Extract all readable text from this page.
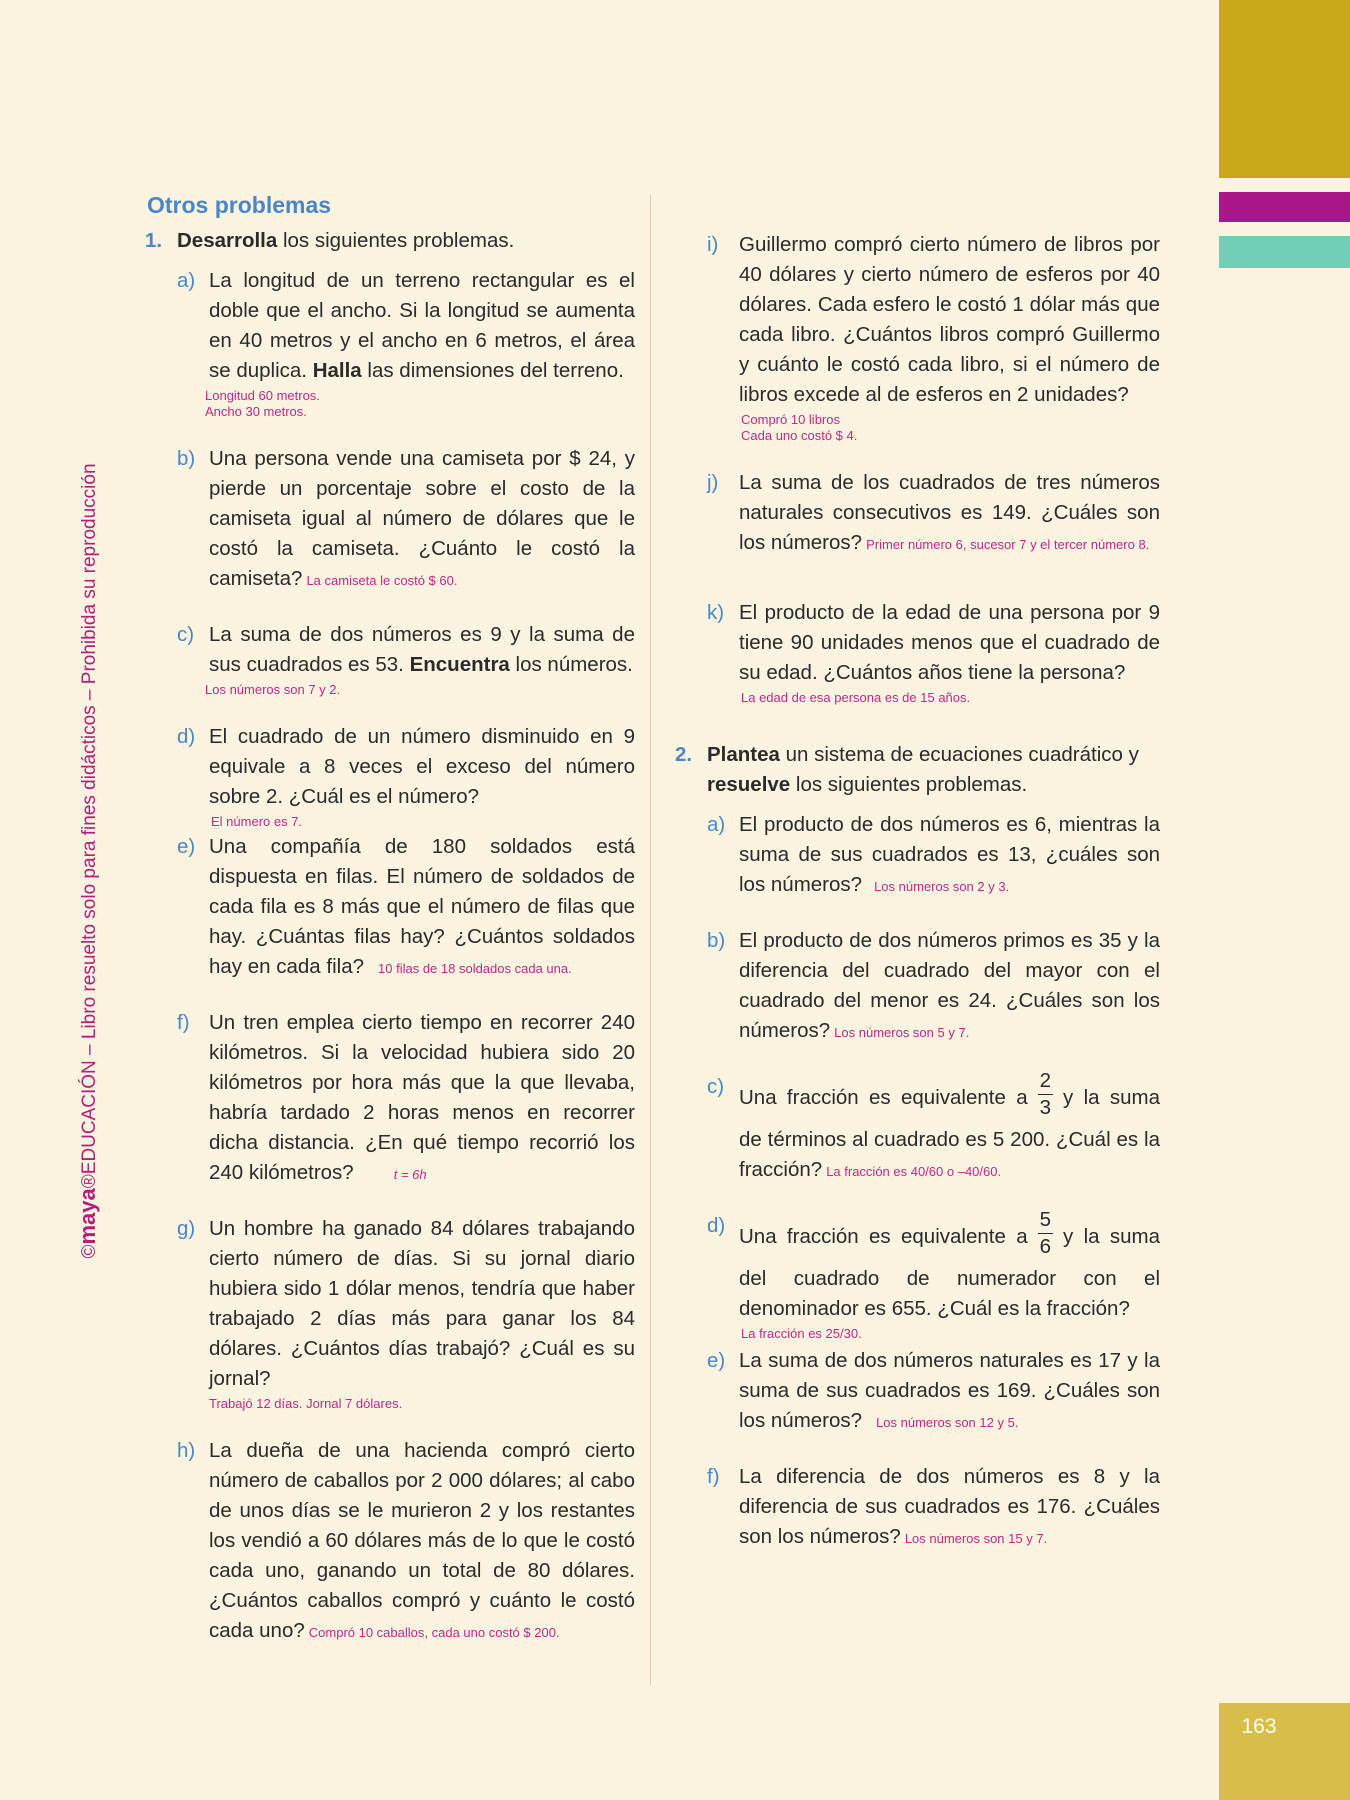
163
©maya®EDUCACIÓN – Libro resuelto solo para fines didácticos – Prohibida su reproducción
Otros problemas
1. Desarrolla los siguientes problemas.
a) La longitud de un terreno rectangular es el doble que el ancho. Si la longitud se aumenta en 40 metros y el ancho en 6 metros, el área se duplica. Halla las dimensiones del terreno.
Longitud 60 metros.
Ancho 30 metros.
b) Una persona vende una camiseta por $ 24, y pierde un porcentaje sobre el costo de la camiseta igual al número de dólares que le costó la camiseta. ¿Cuánto le costó la camiseta? La camiseta le costó $ 60.
c) La suma de dos números es 9 y la suma de sus cuadrados es 53. Encuentra los números.
Los números son 7 y 2.
d) El cuadrado de un número disminuido en 9 equivale a 8 veces el exceso del número sobre 2. ¿Cuál es el número?
El número es 7.
e) Una compañía de 180 soldados está dispuesta en filas. El número de soldados de cada fila es 8 más que el número de filas que hay. ¿Cuántas filas hay? ¿Cuántos soldados hay en cada fila? 10 filas de 18 soldados cada una.
f) Un tren emplea cierto tiempo en recorrer 240 kilómetros. Si la velocidad hubiera sido 20 kilómetros por hora más que la que llevaba, habría tardado 2 horas menos en recorrer dicha distancia. ¿En qué tiempo recorrió los 240 kilómetros?	t = 6h
g) Un hombre ha ganado 84 dólares trabajando cierto número de días. Si su jornal diario hubiera sido 1 dólar menos, tendría que haber trabajado 2 días más para ganar los 84 dólares. ¿Cuántos días trabajó? ¿Cuál es su jornal?
Trabajó 12 días. Jornal 7 dólares.
h) La dueña de una hacienda compró cierto número de caballos por 2 000 dólares; al cabo de unos días se le murieron 2 y los restantes los vendió a 60 dólares más de lo que le costó cada uno, ganando un total de 80 dólares. ¿Cuántos caballos compró y cuánto le costó cada uno? Compró 10 caballos, cada uno costó $ 200.
i)	Guillermo compró cierto número de libros por 40 dólares y cierto número de esferos por 40 dólares. Cada esfero le costó 1 dólar más que cada libro. ¿Cuántos libros compró Guillermo y cuánto le costó cada libro, si el número de libros excede al de esferos en 2 unidades?
Compró 10 libros
Cada uno costó $ 4.
j)	La suma de los cuadrados de tres números naturales consecutivos es 149. ¿Cuáles son los números? Primer número 6, sucesor 7 y el tercer número 8.
k) El producto de la edad de una persona por 9 tiene 90 unidades menos que el cuadrado de su edad. ¿Cuántos años tiene la persona?
La edad de esa persona es de 15 años.
2. Plantea un sistema de ecuaciones cuadrático y resuelve los siguientes problemas.
a) El producto de dos números es 6, mientras la suma de sus cuadrados es 13, ¿cuáles son los números? Los números son 2 y 3.
b) El producto de dos números primos es 35 y la diferencia del cuadrado del mayor con el cuadrado del menor es 24. ¿Cuáles son los números? Los números son 5 y 7.
c) Una fracción es equivalente a $\frac{2}{3}$ y la suma de términos al cuadrado es 5 200. ¿Cuál es la fracción? La fracción es 40/60 o –40/60.
d) Una fracción es equivalente a $\frac{5}{6}$ y la suma del cuadrado de numerador con el denominador es 655. ¿Cuál es la fracción?
La fracción es 25/30.
e) La suma de dos números naturales es 17 y la suma de sus cuadrados es 169. ¿Cuáles son los números? Los números son 12 y 5.
f) La diferencia de dos números es 8 y la diferencia de sus cuadrados es 176. ¿Cuáles son los números? Los números son 15 y 7.
